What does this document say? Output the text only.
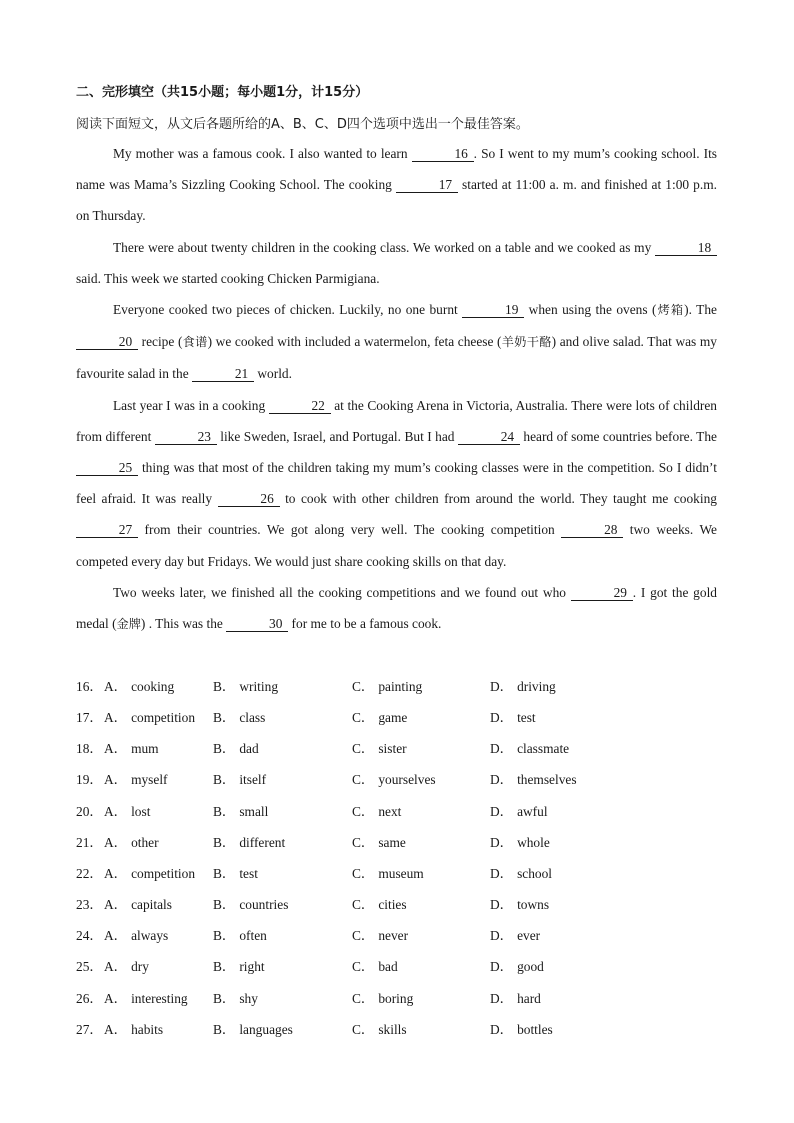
二、完形填空（共15小题；每小题1分，计15分）
阅读下面短文，从文后各题所给的A、B、C、D四个选项中选出一个最佳答案。

My mother was a famous cook. I also wanted to learn	16 . So I went to my mum’s cooking school. Its name was Mama’s Sizzling Cooking School. The cooking	17 started at 11:00 a. m. and finished at 1:00 p.m. on Thursday.

There were about twenty children in the cooking class. We worked on a table and we cooked as my	18 said. This week we started cooking Chicken Parmigiana.

Everyone cooked two pieces of chicken. Luckily, no one burnt	19 when using the ovens (烤箱). The 20 recipe (食谱) we cooked with included a watermelon, feta cheese (羊奶干酪) and olive salad. That was my favourite salad in the	21 world.

Last year I was in a cooking	22 at the Cooking Arena in Victoria, Australia. There were lots of children from different	23 like Sweden, Israel, and Portugal. But I had	24 heard of some countries before. The 25 thing was that most of the children taking my mum’s cooking classes were in the competition. So I didn’t feel afraid. It was really	26 to cook with other children from around the world. They taught me cooking 27 from their countries. We got along very well. The cooking competition	28 two weeks. We competed every day but Fridays. We would just share cooking skills on that day.

Two weeks later, we finished all the cooking competitions and we found out who	29 . I got the gold medal (金牌) . This was the	30 for me to be a famous cook.

16． A． cooking	B． writing	C． painting	D． driving
17． A． competition B． class	C． game	D． test
18． A． mum	B． dad	C． sister	D． classmate
19． A． myself	B． itself	C． yourselves	D． themselves
20． A． lost	B． small	C． next	D． awful
21． A． other	B． different	C． same	D． whole
22． A． competition B． test	C． museum	D． school
23． A． capitals	B． countries	C． cities	D． towns
24． A． always	B． often	C． never	D． ever
25． A． dry	B． right	C． bad	D． good
26． A． interesting B． shy	C． boring	D． hard
27． A． habits	B． languages	C． skills	D． bottles
